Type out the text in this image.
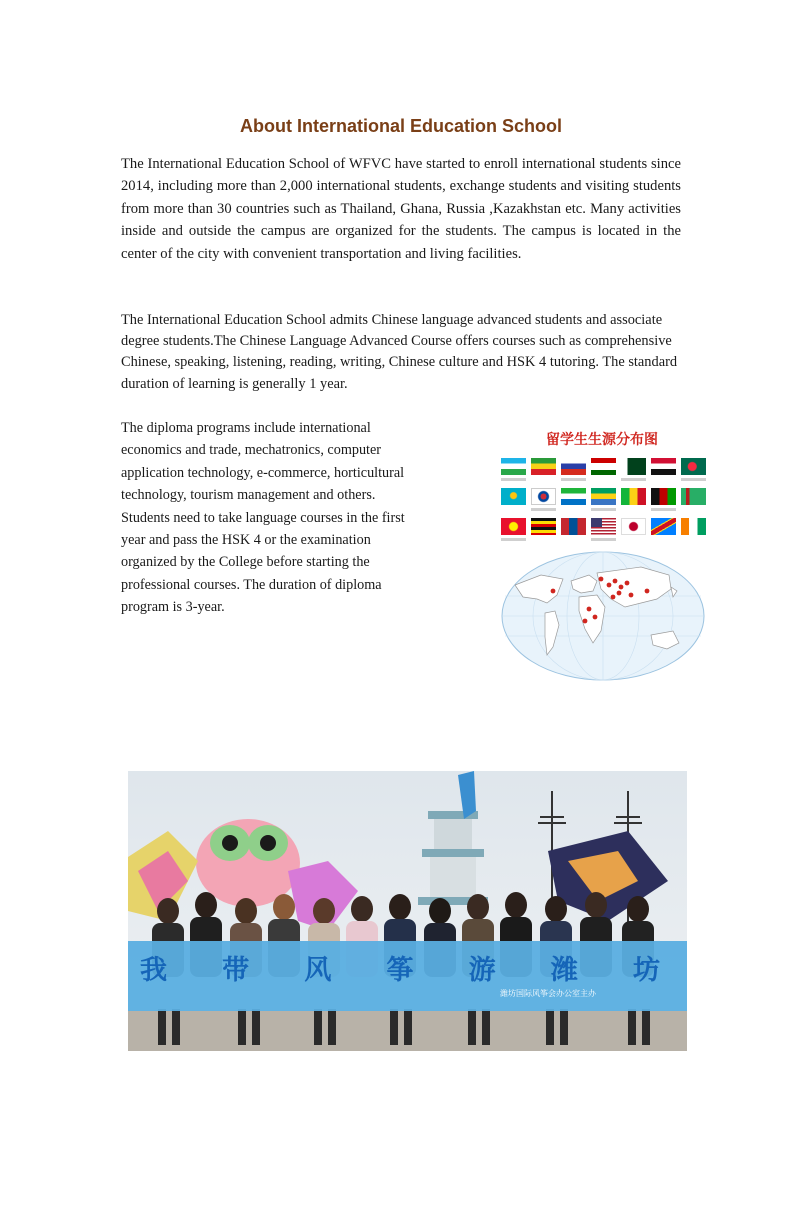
About International Education School
The International Education School of WFVC have started to enroll international students since 2014, including more than 2,000 international students, exchange students and visiting students from more than 30 countries such as Thailand, Ghana, Russia ,Kazakhstan etc. Many activities inside and outside the campus are organized for the students. The campus is located in the center of the city with convenient transportation and living facilities.
The International Education School admits Chinese language advanced students and associate degree students.The Chinese Language Advanced Course offers courses such as comprehensive Chinese, speaking, listening, reading, writing, Chinese culture and HSK 4 tutoring. The standard duration of learning is generally 1 year.
The diploma programs include international economics and trade, mechatronics, computer application technology, e-commerce, horticultural technology, tourism management and others. Students need to take language courses in the first year and pass the HSK 4 or the examination organized by the College before starting the professional courses. The duration of diploma program is 3-year.
留学生生源分布图
我 带 风 筝 游 潍 坊
潍坊国际风筝会办公室主办
